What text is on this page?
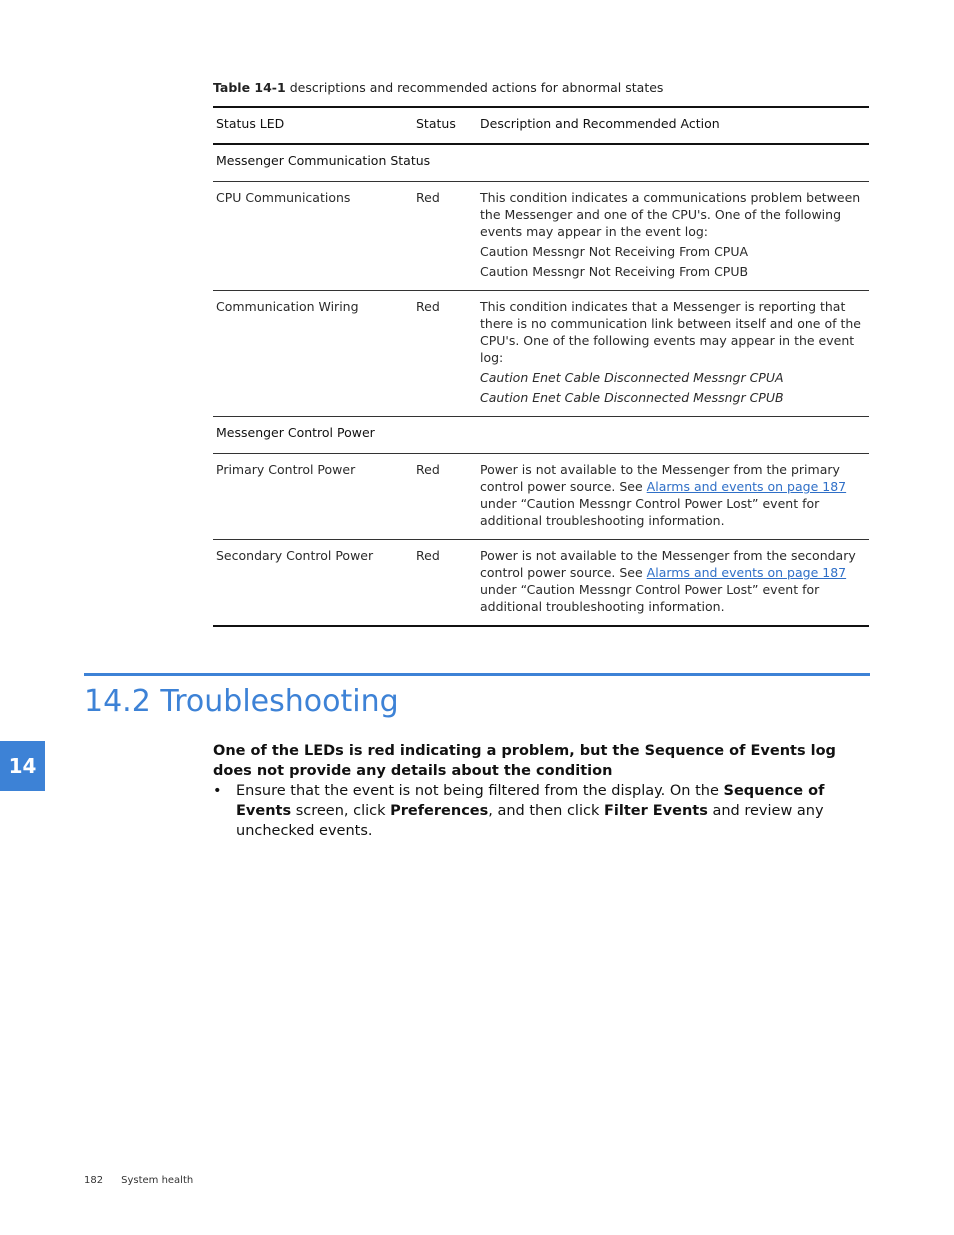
Table 14-1 descriptions and recommended actions for abnormal states
Status LED	Status	Description and Recommended Action
Messenger Communication Status		
CPU Communications	Red	This condition indicates a communications problem between the Messenger and one of the CPU's. One of the following events may appear in the event log:

Caution Messngr Not Receiving From CPUA
Caution Messngr Not Receiving From CPUB

Communication Wiring	Red	This condition indicates that a Messenger is reporting that there is no communication link between itself and one of the CPU's. One of the following events may appear in the event log:

Caution Enet Cable Disconnected Messngr CPUA
Caution Enet Cable Disconnected Messngr CPUB

Messenger Control Power		
Primary Control Power	Red	Power is not available to the Messenger from the primary control power source. See Alarms and events on page 187 under “Caution Messngr Control Power Lost” event for additional troubleshooting information.
Secondary Control Power	Red	Power is not available to the Messenger from the secondary control power source. See Alarms and events on page 187 under “Caution Messngr Control Power Lost” event for additional troubleshooting information.
14.2 Troubleshooting
14

One of the LEDs is red indicating a problem, but the Sequence of Events log does not provide any details about the condition

• Ensure that the event is not being filtered from the display. On the Sequence of Events screen, click Preferences, and then click Filter Events and review any unchecked events.
182 System health
